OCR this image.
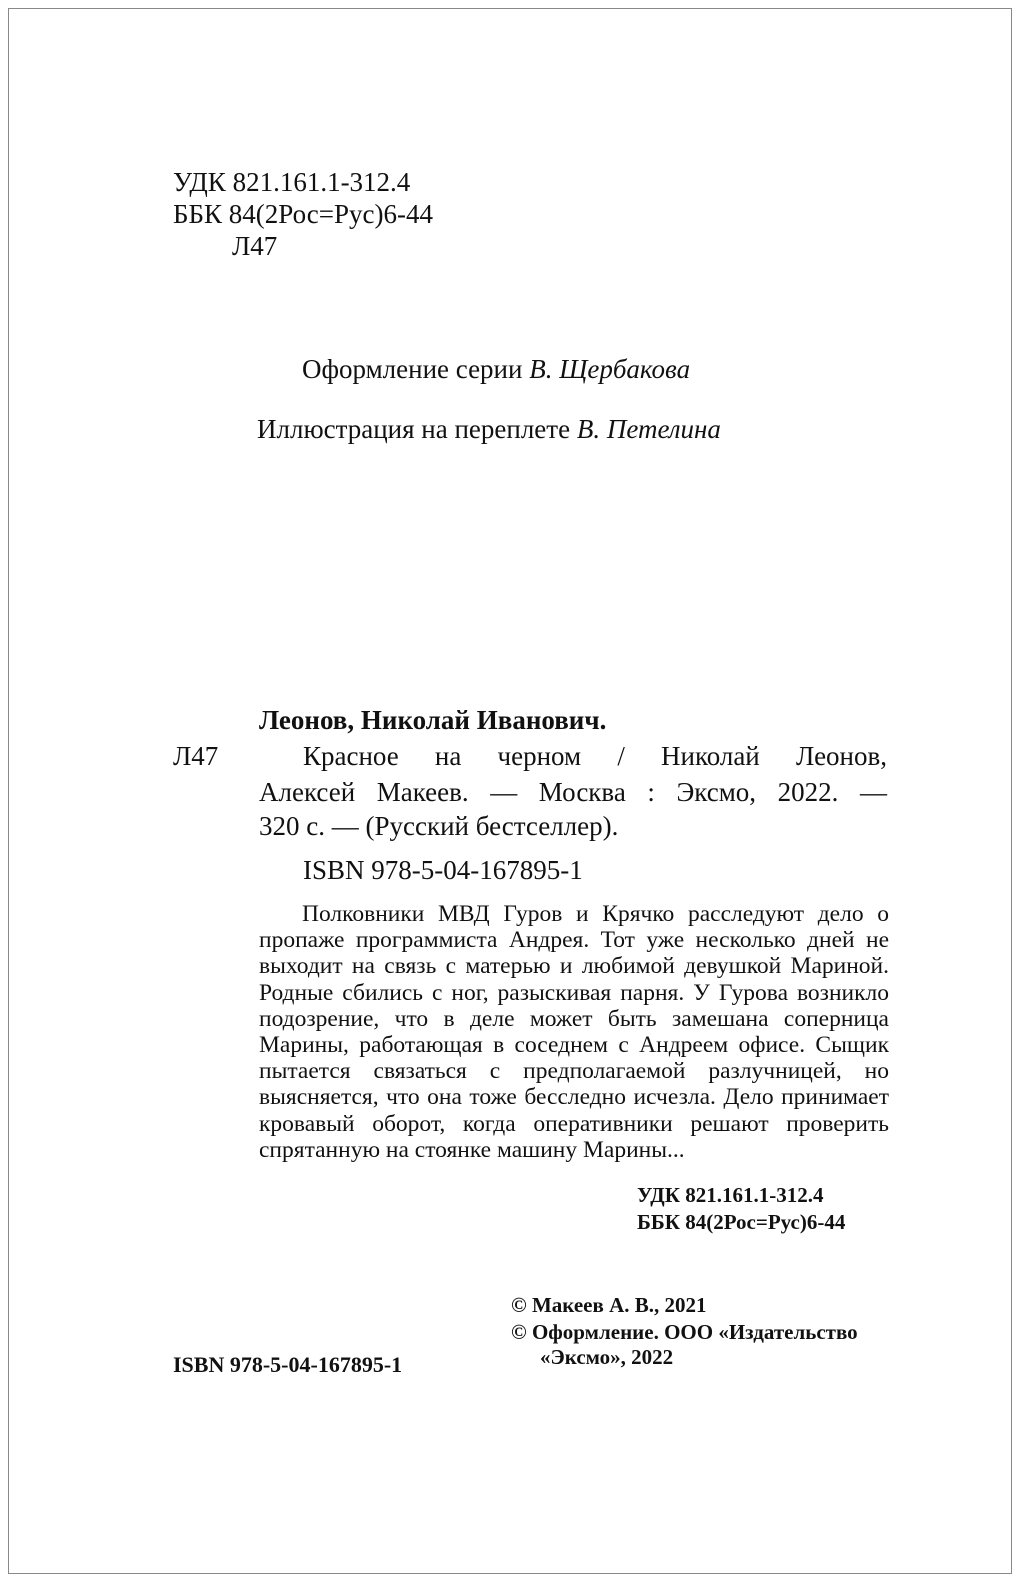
УДК 821.161.1-312.4
ББК 84(2Рос=Рус)6-44
Л47
Оформление серии В. Щербакова
Иллюстрация на переплете В. Петелина
Леонов, Николай Иванович.
Л47	Красное на черном / Николай Леонов,
Алексей Макеев. — Москва : Эксмо, 2022. —
320 с. — (Русский бестселлер).
ISBN 978-5-04-167895-1
Полковники МВД Гуров и Крячко расследуют дело о пропаже программиста Андрея. Тот уже несколько дней не выходит на связь с матерью и любимой девушкой Мариной. Родные сбились с ног, разыскивая парня. У Гурова возникло подозрение, что в деле может быть замешана соперница Марины, работающая в соседнем с Андреем офисе. Сыщик пытается связаться с предполагаемой разлучницей, но выясняется, что она тоже бесследно исчезла. Дело принимает кровавый оборот, когда оперативники решают проверить спрятанную на стоянке машину Марины...
УДК 821.161.1-312.4
ББК 84(2Рос=Рус)6-44
© Макеев А. В., 2021
© Оформление. ООО «Издательство
«Эксмо», 2022
ISBN 978-5-04-167895-1
